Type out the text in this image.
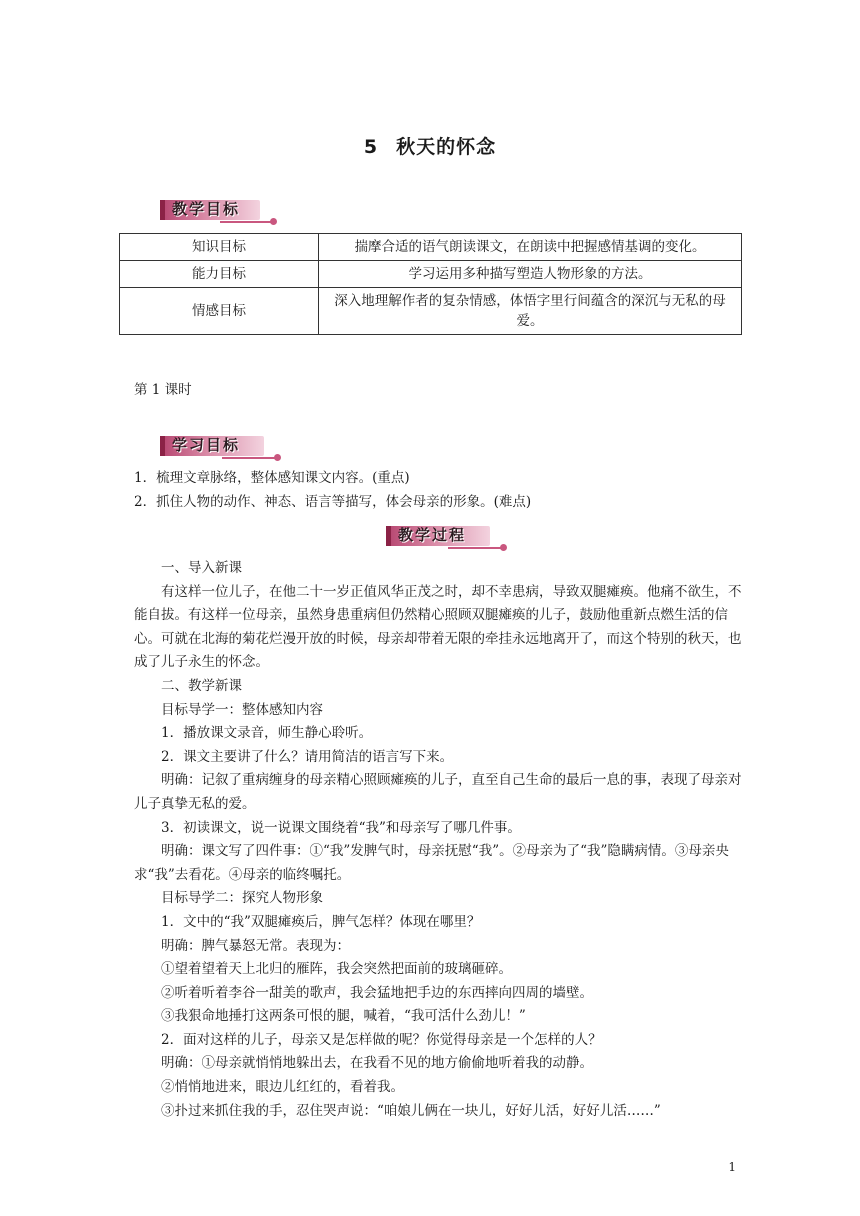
5 秋天的怀念
教学目标
知识目标	揣摩合适的语气朗读课文，在朗读中把握感情基调的变化。
能力目标	学习运用多种描写塑造人物形象的方法。
情感目标	深入地理解作者的复杂情感，体悟字里行间蕴含的深沉与无私的母爱。
第 1 课时
学习目标

1．梳理文章脉络，整体感知课文内容。(重点)

2．抓住人物的动作、神态、语言等描写，体会母亲的形象。(难点)

教学过程

一、导入新课

有这样一位儿子，在他二十一岁正值风华正茂之时，却不幸患病，导致双腿瘫痪。他痛不欲生，不能自拔。有这样一位母亲，虽然身患重病但仍然精心照顾双腿瘫痪的儿子，鼓励他重新点燃生活的信心。可就在北海的菊花烂漫开放的时候，母亲却带着无限的牵挂永远地离开了，而这个特别的秋天，也成了儿子永生的怀念。

二、教学新课

目标导学一：整体感知内容

1．播放课文录音，师生静心聆听。

2．课文主要讲了什么？请用简洁的语言写下来。

明确：记叙了重病缠身的母亲精心照顾瘫痪的儿子，直至自己生命的最后一息的事，表现了母亲对儿子真挚无私的爱。

3．初读课文，说一说课文围绕着“我”和母亲写了哪几件事。

明确：课文写了四件事：①“我”发脾气时，母亲抚慰“我”。②母亲为了“我”隐瞒病情。③母亲央求“我”去看花。④母亲的临终嘱托。

目标导学二：探究人物形象

1．文中的“我”双腿瘫痪后，脾气怎样？体现在哪里？

明确：脾气暴怒无常。表现为：

①望着望着天上北归的雁阵，我会突然把面前的玻璃砸碎。

②听着听着李谷一甜美的歌声，我会猛地把手边的东西摔向四周的墙壁。

③我狠命地捶打这两条可恨的腿，喊着，“我可活什么劲儿！”

2．面对这样的儿子，母亲又是怎样做的呢？你觉得母亲是一个怎样的人？

明确：①母亲就悄悄地躲出去，在我看不见的地方偷偷地听着我的动静。

②悄悄地进来，眼边儿红红的，看着我。

③扑过来抓住我的手，忍住哭声说：“咱娘儿俩在一块儿，好好儿活，好好儿活……”

1
